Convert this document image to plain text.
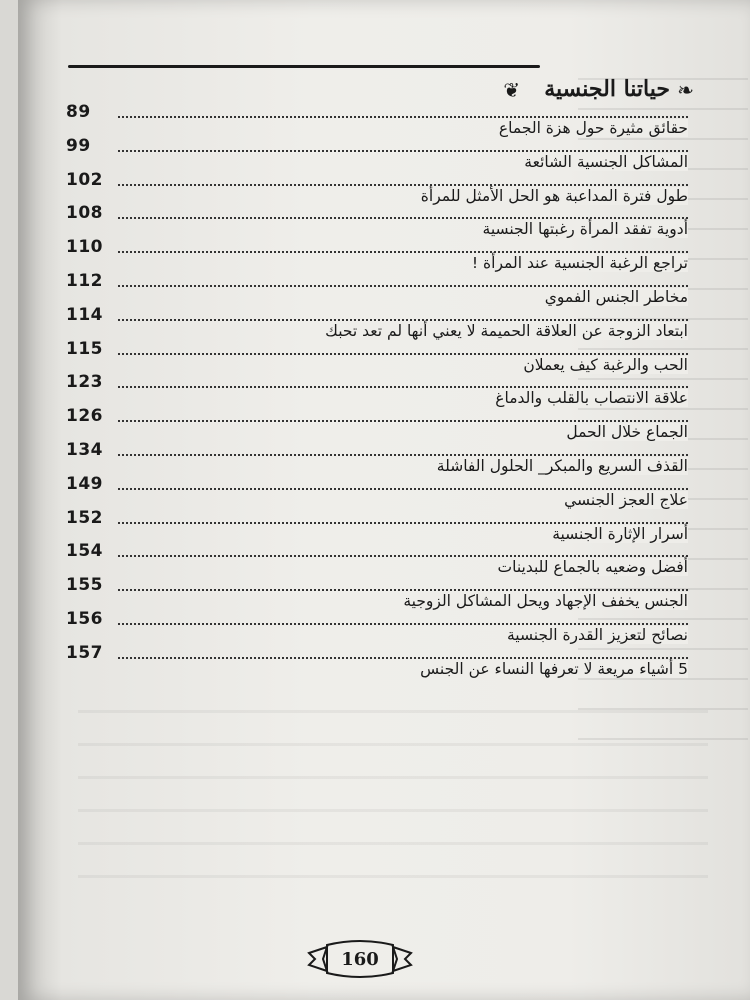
❦ حياتنا الجنسية ❧
89
حقائق مثيرة حول هزة الجماع
99
المشاكل الجنسية الشائعة
102
طول فترة المداعبة هو الحل الأمثل للمرأة
108
أدوية تفقد المرأة رغبتها الجنسية
110
تراجع الرغبة الجنسية عند المرأة !
112
مخاطر الجنس الفموي
114
ابتعاد الزوجة عن العلاقة الحميمة لا يعني أنها لم تعد تحبك
115
الحب والرغبة كيف يعملان
123
علاقة الانتصاب بالقلب والدماغ
126
الجماع خلال الحمل
134
القذف السريع والمبكر_ الحلول الفاشلة
149
علاج العجز الجنسي
152
أسرار الإثارة الجنسية
154
أفضل وضعيه بالجماع للبدينات
155
الجنس يخفف الإجهاد ويحل المشاكل الزوجية
156
نصائح لتعزيز القدرة الجنسية
157
5 أشياء مريعة لا تعرفها النساء عن الجنس
160
